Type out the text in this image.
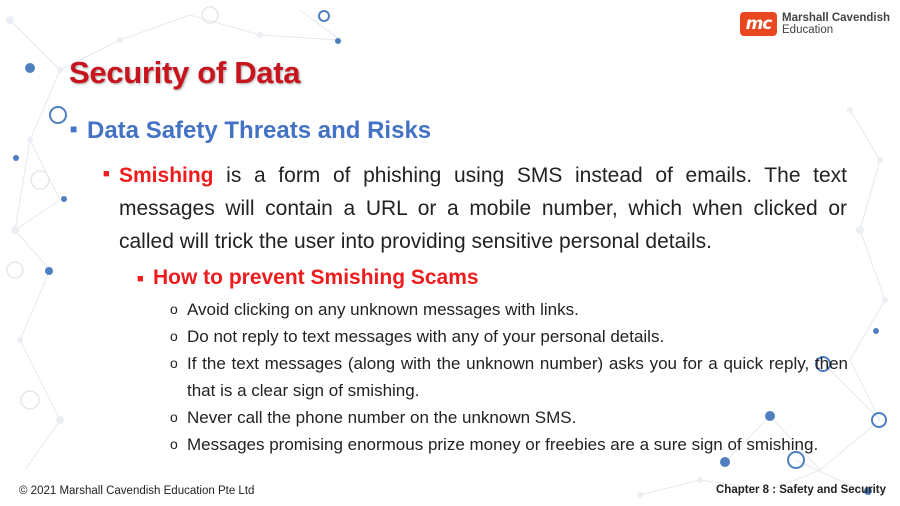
mc Marshall Cavendish
Education
Security of Data
■ Data Safety Threats and Risks
■ Smishing is a form of phishing using SMS instead of emails. The text messages will contain a URL or a mobile number, which when clicked or called will trick the user into providing sensitive personal details.
■ How to prevent Smishing Scams
o Avoid clicking on any unknown messages with links.
o Do not reply to text messages with any of your personal details.
o If the text messages (along with the unknown number) asks you for a quick reply, then that is a clear sign of smishing.
o Never call the phone number on the unknown SMS.
o Messages promising enormous prize money or freebies are a sure sign of smishing.
© 2021 Marshall Cavendish Education Pte Ltd	Chapter 8 : Safety and Security
